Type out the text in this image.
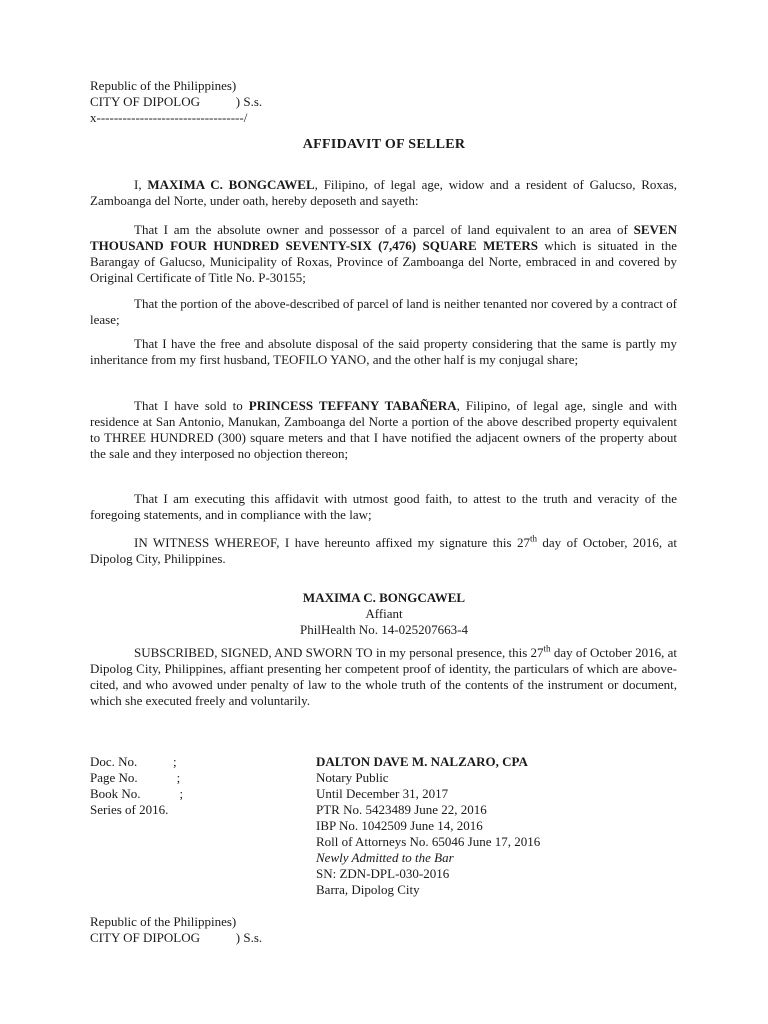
Republic of the Philippines)
CITY OF DIPOLOG           ) S.s.
x----------------------------------/
AFFIDAVIT OF SELLER
I, MAXIMA C. BONGCAWEL, Filipino, of legal age, widow and a resident of Galucso, Roxas, Zamboanga del Norte, under oath, hereby deposeth and sayeth:
That I am the absolute owner and possessor of a parcel of land equivalent to an area of SEVEN THOUSAND FOUR HUNDRED SEVENTY-SIX (7,476) SQUARE METERS which is situated in the Barangay of Galucso, Municipality of Roxas, Province of Zamboanga del Norte, embraced in and covered by Original Certificate of Title No. P-30155;
That the portion of the above-described of parcel of land is neither tenanted nor covered by a contract of lease;
That I have the free and absolute disposal of the said property considering that the same is partly my inheritance from my first husband, TEOFILO YANO, and the other half is my conjugal share;
That I have sold to PRINCESS TEFFANY TABAÑERA, Filipino, of legal age, single and with residence at San Antonio, Manukan, Zamboanga del Norte a portion of the above described property equivalent to THREE HUNDRED (300) square meters and that I have notified the adjacent owners of the property about the sale and they interposed no objection thereon;
That I am executing this affidavit with utmost good faith, to attest to the truth and veracity of the foregoing statements, and in compliance with the law;
IN WITNESS WHEREOF, I have hereunto affixed my signature this 27th day of October, 2016, at Dipolog City, Philippines.
MAXIMA C. BONGCAWEL
Affiant
PhilHealth No. 14-025207663-4
SUBSCRIBED, SIGNED, AND SWORN TO in my personal presence, this 27th day of October 2016, at Dipolog City, Philippines, affiant presenting her competent proof of identity, the particulars of which are above-cited, and who avowed under penalty of law to the whole truth of the contents of the instrument or document, which she executed freely and voluntarily.
Doc. No.           ;
Page No.            ;
Book No.            ;
Series of 2016.
DALTON DAVE M. NALZARO, CPA
Notary Public
Until December 31, 2017
PTR No. 5423489 June 22, 2016
IBP No. 1042509 June 14, 2016
Roll of Attorneys No. 65046 June 17, 2016
Newly Admitted to the Bar
SN: ZDN-DPL-030-2016
Barra, Dipolog City
Republic of the Philippines)
CITY OF DIPOLOG           ) S.s.
